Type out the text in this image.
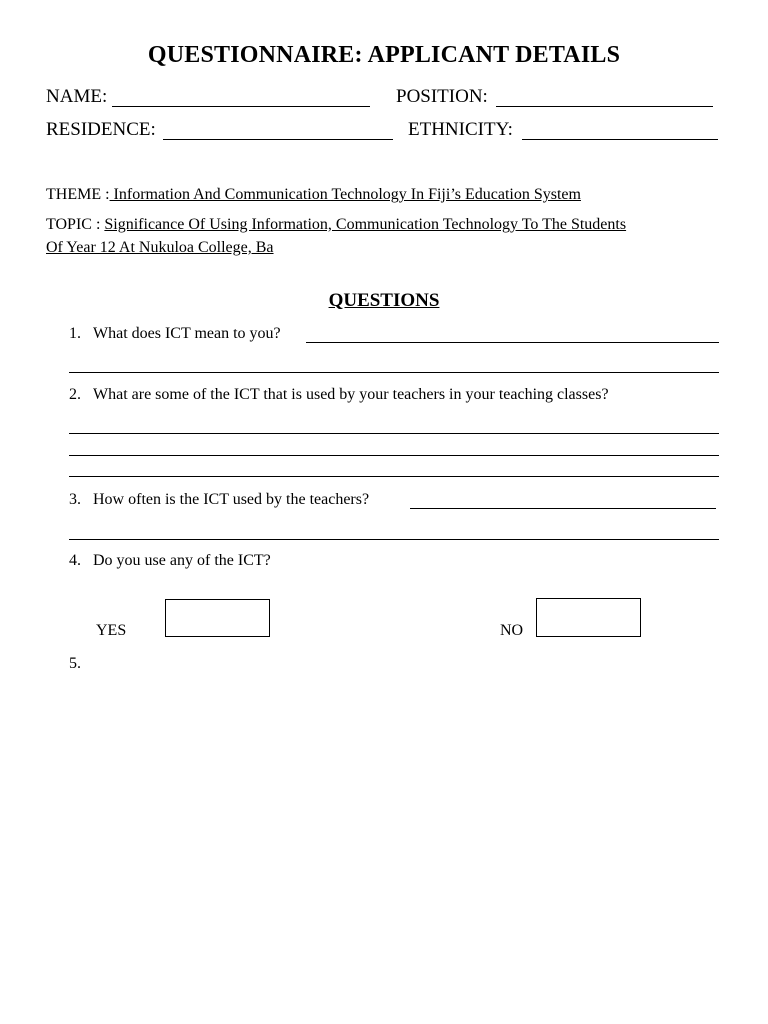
QUESTIONNAIRE: APPLICANT DETAILS
NAME:	POSITION:
RESIDENCE:	ETHNICITY:
THEME : Information And Communication Technology In Fiji’s Education System
TOPIC : Significance Of Using Information, Communication Technology To The Students
Of Year 12 At Nukuloa College, Ba
QUESTIONS
1. What does ICT mean to you?
2. What are some of the ICT that is used by your teachers in your teaching classes?
3. How often is the ICT used by the teachers?
4. Do you use any of the ICT?
YES	NO
5.
